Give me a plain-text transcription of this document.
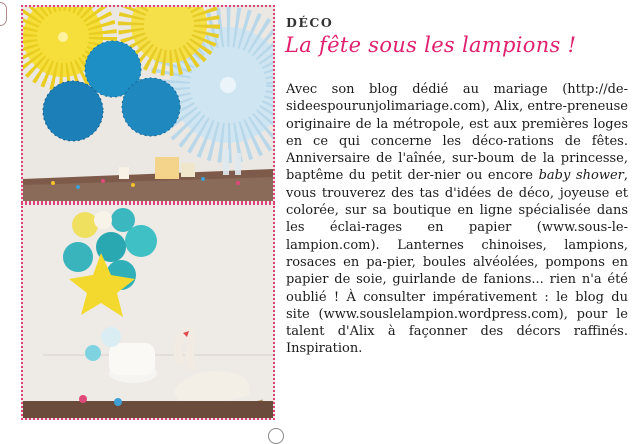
DÉCO
La fête sous les lampions !

Avec son blog dédié au mariage (http://de-sideespourunjolimariage.com), Alix, entre-preneuse originaire de la métropole, est aux premières loges en ce qui concerne les déco-rations de fêtes. Anniversaire de l'aînée, sur-boum de la princesse, baptême du petit der-nier ou encore baby shower, vous trouverez des tas d'idées de déco, joyeuse et colorée, sur sa boutique en ligne spécialisée dans les éclai-rages en papier (www.sous-le-lampion.com). Lanternes chinoises, lampions, rosaces en pa-pier, boules alvéolées, pompons en papier de soie, guirlande de fanions... rien n'a été oublié ! À consulter impérativement : le blog du site (www.souslelampion.wordpress.com), pour le talent d'Alix à façonner des décors raffinés. Inspiration.
